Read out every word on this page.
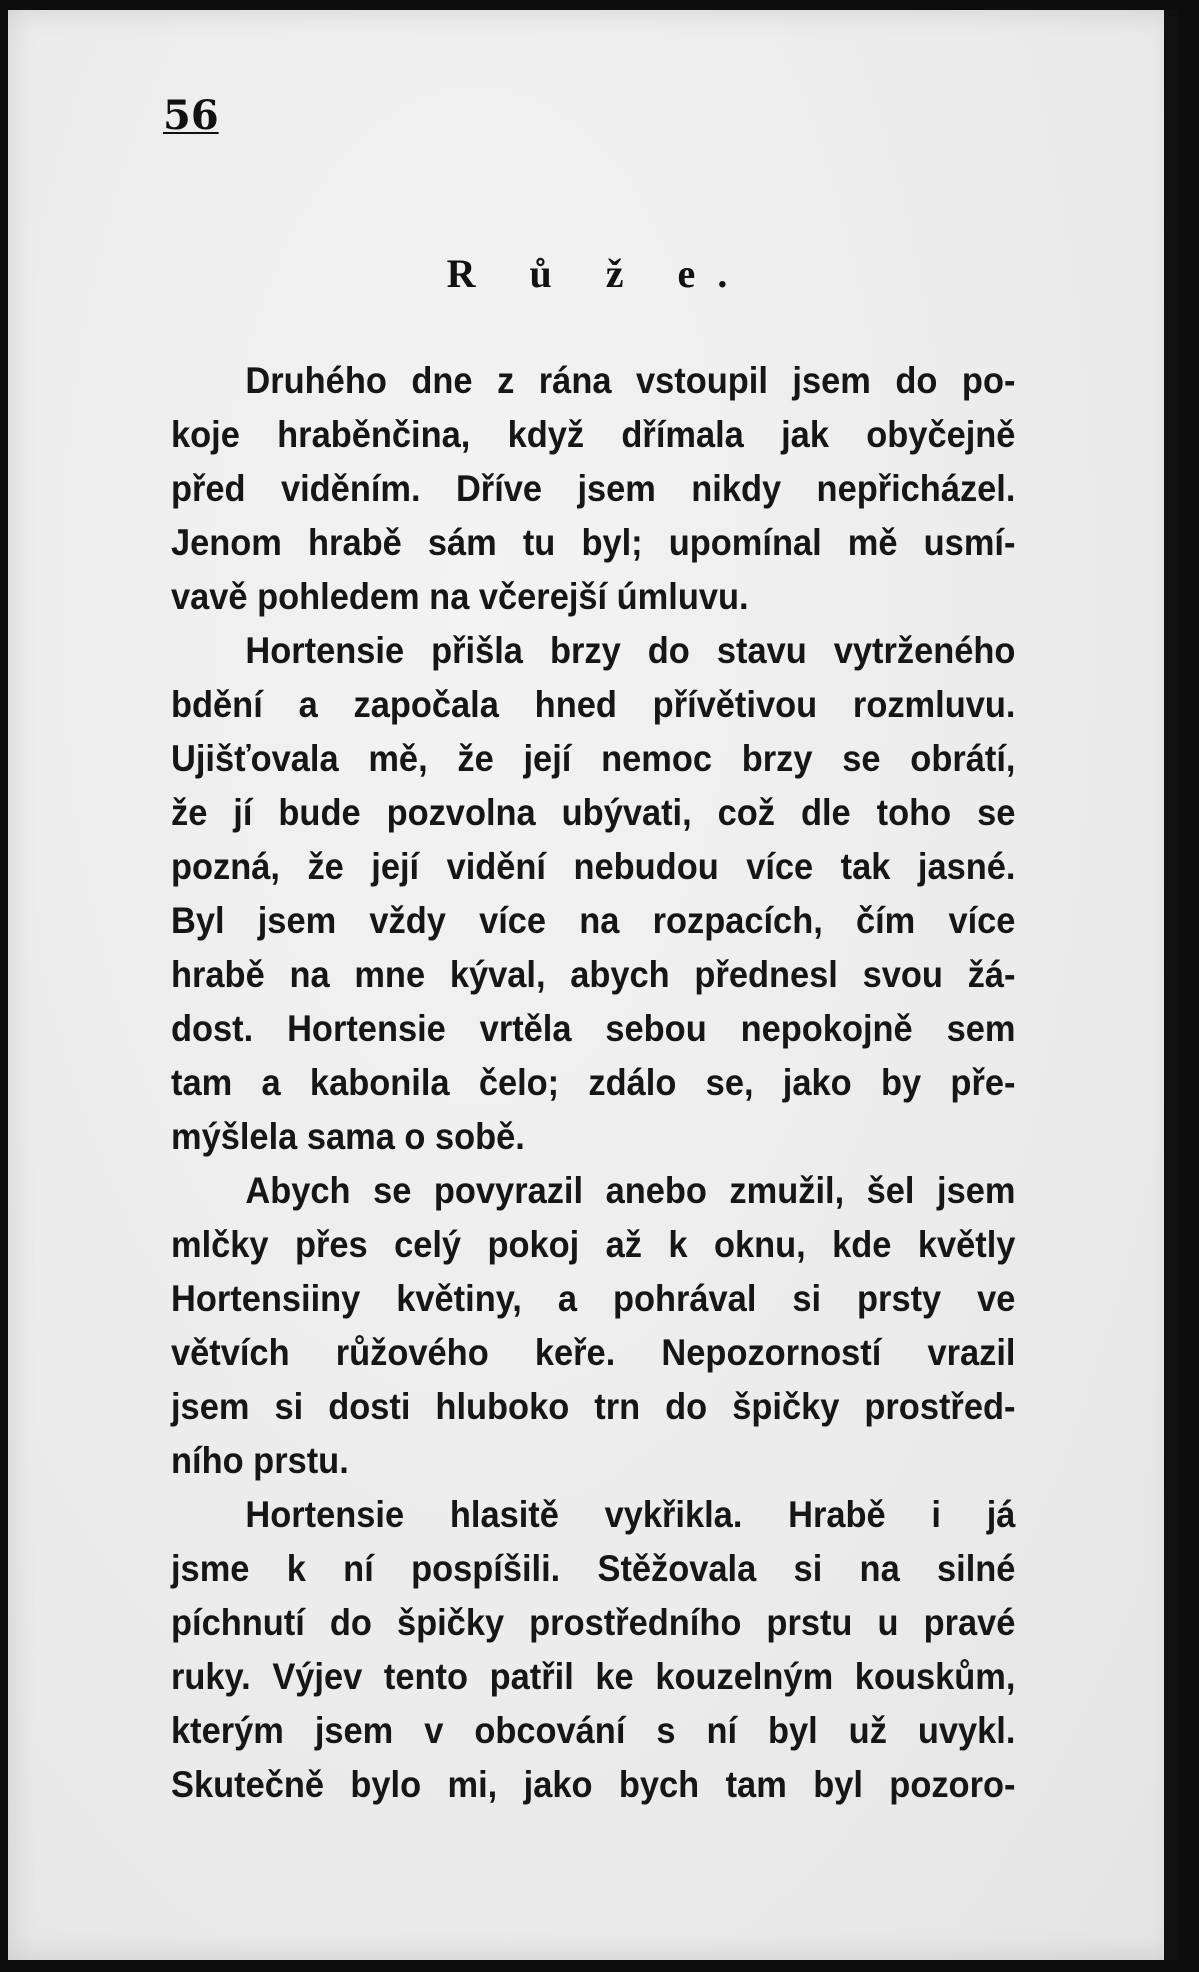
56
R ů ž e.
Druhého dne z rána vstoupil jsem do po-
koje hraběnčina, když dřímala jak obyčejně
před viděním. Dříve jsem nikdy nepřicházel.
Jenom hrabě sám tu byl; upomínal mě usmí-
vavě pohledem na včerejší úmluvu.
Hortensie přišla brzy do stavu vytrženého
bdění a započala hned přívětivou rozmluvu.
Ujišťovala mě, že její nemoc brzy se obrátí,
že jí bude pozvolna ubývati, což dle toho se
pozná, že její vidění nebudou více tak jasné.
Byl jsem vždy více na rozpacích, čím více
hrabě na mne kýval, abych přednesl svou žá-
dost. Hortensie vrtěla sebou nepokojně sem
tam a kabonila čelo; zdálo se, jako by pře-
mýšlela sama o sobě.
Abych se povyrazil anebo zmužil, šel jsem
mlčky přes celý pokoj až k oknu, kde květly
Hortensiiny květiny, a pohrával si prsty ve
větvích růžového keře. Nepozorností vrazil
jsem si dosti hluboko trn do špičky prostřed-
ního prstu.
Hortensie hlasitě vykřikla. Hrabě i já
jsme k ní pospíšili. Stěžovala si na silné
píchnutí do špičky prostředního prstu u pravé
ruky. Výjev tento patřil ke kouzelným kouskům,
kterým jsem v obcování s ní byl už uvykl.
Skutečně bylo mi, jako bych tam byl pozoro-
